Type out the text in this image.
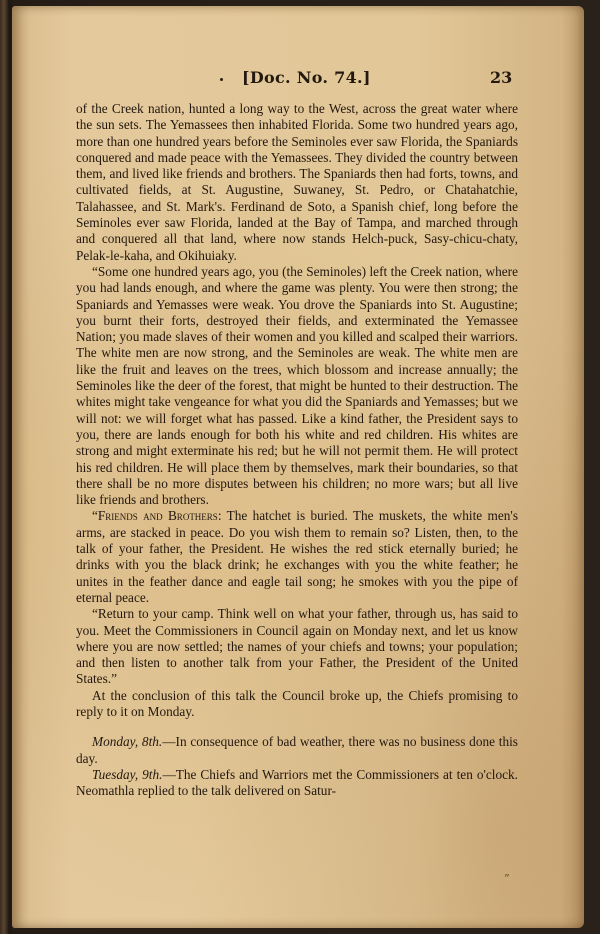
[Doc. No. 74.]	23

of the Creek nation, hunted a long way to the West, across the great water where the sun sets. The Yemassees then inhabited Florida. Some two hundred years ago, more than one hundred years before the Seminoles ever saw Florida, the Spaniards conquered and made peace with the Yemassees. They divided the country between them, and lived like friends and brothers. The Spaniards then had forts, towns, and cultivated fields, at St. Augustine, Suwaney, St. Pedro, or Chatahatchie, Talahassee, and St. Mark's. Ferdinand de Soto, a Spanish chief, long before the Seminoles ever saw Florida, landed at the Bay of Tampa, and marched through and conquered all that land, where now stands Helch-puck, Sasy-chicu-chaty, Pelak-le-kaha, and Okihuiaky.

“Some one hundred years ago, you (the Seminoles) left the Creek nation, where you had lands enough, and where the game was plenty. You were then strong; the Spaniards and Yemasses were weak. You drove the Spaniards into St. Augustine; you burnt their forts, destroyed their fields, and exterminated the Yemassee Nation; you made slaves of their women and you killed and scalped their warriors. The white men are now strong, and the Seminoles are weak. The white men are like the fruit and leaves on the trees, which blossom and increase annually; the Seminoles like the deer of the forest, that might be hunted to their destruction. The whites might take vengeance for what you did the Spaniards and Yemasses; but we will not: we will forget what has passed. Like a kind father, the President says to you, there are lands enough for both his white and red children. His whites are strong and might exterminate his red; but he will not permit them. He will protect his red children. He will place them by themselves, mark their boundaries, so that there shall be no more disputes between his children; no more wars; but all live like friends and brothers.

“Friends and Brothers: The hatchet is buried. The muskets, the white men's arms, are stacked in peace. Do you wish them to remain so? Listen, then, to the talk of your father, the President. He wishes the red stick eternally buried; he drinks with you the black drink; he exchanges with you the white feather; he unites in the feather dance and eagle tail song; he smokes with you the pipe of eternal peace.

“Return to your camp. Think well on what your father, through us, has said to you. Meet the Commissioners in Council again on Monday next, and let us know where you are now settled; the names of your chiefs and towns; your population; and then listen to another talk from your Father, the President of the United States.”

At the conclusion of this talk the Council broke up, the Chiefs promising to reply to it on Monday.

Monday, 8th.—In consequence of bad weather, there was no business done this day.

Tuesday, 9th.—The Chiefs and Warriors met the Commissioners at ten o'clock. Neomathla replied to the talk delivered on Satur-

”
